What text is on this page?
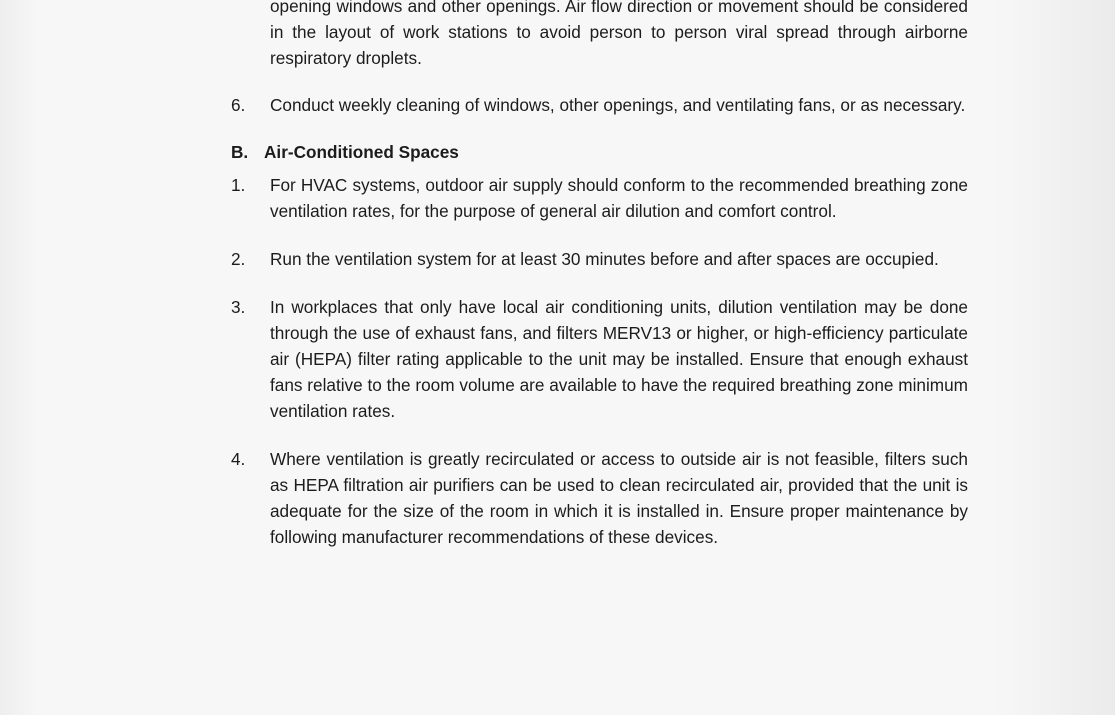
opening windows and other openings. Air flow direction or movement should be considered in the layout of work stations to avoid person to person viral spread through airborne respiratory droplets.
6.	Conduct weekly cleaning of windows, other openings, and ventilating fans, or as necessary.
B. Air-Conditioned Spaces
1.	For HVAC systems, outdoor air supply should conform to the recommended breathing zone ventilation rates, for the purpose of general air dilution and comfort control.
2.	Run the ventilation system for at least 30 minutes before and after spaces are occupied.
3.	In workplaces that only have local air conditioning units, dilution ventilation may be done through the use of exhaust fans, and filters MERV13 or higher, or high-efficiency particulate air (HEPA) filter rating applicable to the unit may be installed. Ensure that enough exhaust fans relative to the room volume are available to have the required breathing zone minimum ventilation rates.
4.	Where ventilation is greatly recirculated or access to outside air is not feasible, filters such as HEPA filtration air purifiers can be used to clean recirculated air, provided that the unit is adequate for the size of the room in which it is installed in. Ensure proper maintenance by following manufacturer recommendations of these devices.
